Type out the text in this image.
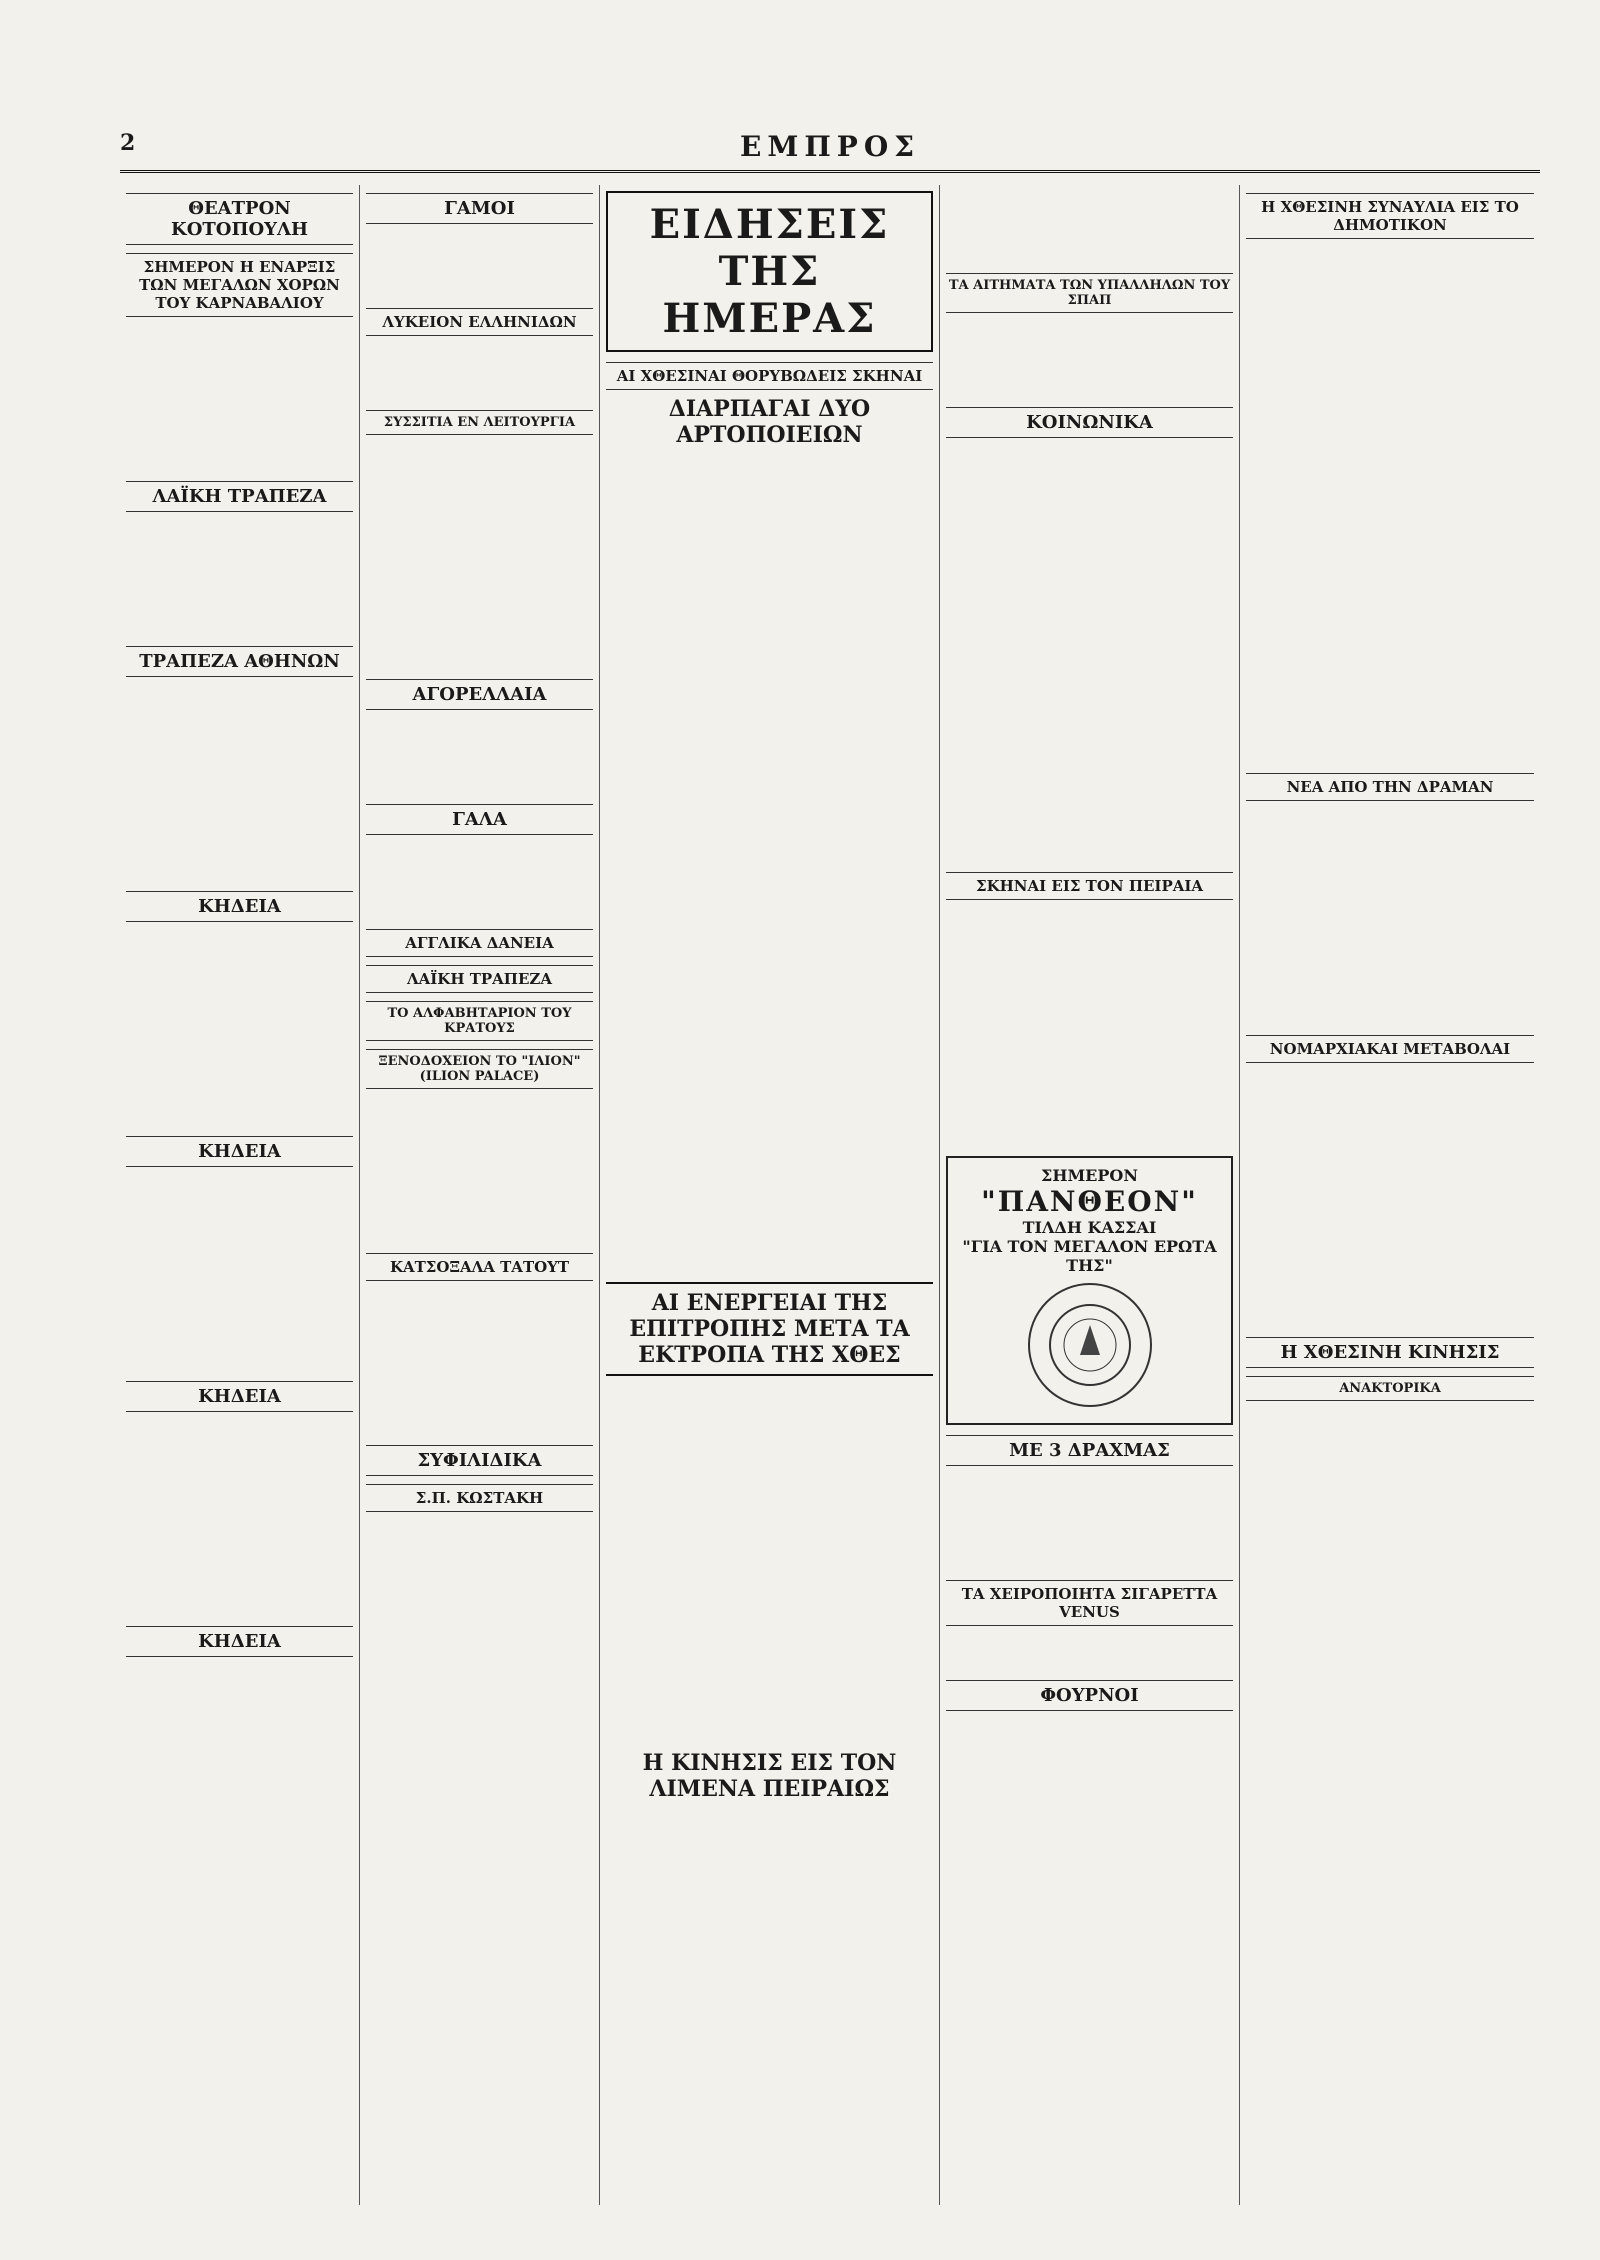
2	ΕΜΠΡΟΣ
ΘΕΑΤΡΟΝ ΚΟΤΟΠΟΥΛΗ
ΣΗΜΕΡΟΝ Η ΕΝΑΡΞΙΣ ΤΩΝ ΜΕΓΑΛΩΝ ΧΟΡΩΝ ΤΟΥ ΚΑΡΝΑΒΑΛΙΟΥ
ΛΑΪΚΗ ΤΡΑΠΕΖΑ
ΤΡΑΠΕΖΑ ΑΘΗΝΩΝ
ΚΗΔΕΙΑ
ΚΗΔΕΙΑ
ΚΗΔΕΙΑ
ΚΗΔΕΙΑ
ΓΑΜΟΙ
ΛΥΚΕΙΟΝ ΕΛΛΗΝΙΔΩΝ
ΣΥΣΣΙΤΙΑ ΕΝ ΛΕΙΤΟΥΡΓΙΑ
ΑΓΟΡΕΛΛΑΙΑ
ΓΑΛΑ
ΑΓΓΛΙΚΑ ΔΑΝΕΙΑ
ΛΑΪΚΗ ΤΡΑΠΕΖΑ
ΤΟ ΑΛΦΑΒΗΤΑΡΙΟΝ ΤΟΥ ΚΡΑΤΟΥΣ
ΞΕΝΟΔΟΧΕΙΟΝ ΤΟ "ΙΛΙΟΝ" (ILION PALACE)
ΚΑΤΣΟΞΑΛΑ ΤΑΤΟΥΤ
ΣΥΦΙΛΙΔΙΚΑ
Σ.Π. ΚΩΣΤΑΚΗ
ΕΙΔΗΣΕΙΣ ΤΗΣ ΗΜΕΡΑΣ
ΑΙ ΧΘΕΣΙΝΑΙ ΘΟΡΥΒΩΔΕΙΣ ΣΚΗΝΑΙ
ΔΙΑΡΠΑΓΑΙ ΔΥΟ ΑΡΤΟΠΟΙΕΙΩΝ
ΑΙ ΕΝΕΡΓΕΙΑΙ ΤΗΣ ΕΠΙΤΡΟΠΗΣ ΜΕΤΑ ΤΑ ΕΚΤΡΟΠΑ ΤΗΣ ΧΘΕΣ
Η ΚΙΝΗΣΙΣ ΕΙΣ ΤΟΝ ΛΙΜΕΝΑ ΠΕΙΡΑΙΩΣ
ΤΑ ΑΙΤΗΜΑΤΑ ΤΩΝ ΥΠΑΛΛΗΛΩΝ ΤΟΥ ΣΠΑΠ
ΚΟΙΝΩΝΙΚΑ
ΣΚΗΝΑΙ ΕΙΣ ΤΟΝ ΠΕΙΡΑΙΑ
ΣΗΜΕΡΟΝ
"ΠΑΝΘΕΟΝ"
ΤΙΛΔΗ ΚΑΣΣΑΙ
"ΓΙΑ ΤΟΝ ΜΕΓΑΛΟΝ ΕΡΩΤΑ ΤΗΣ"
ΜΕ 3 ΔΡΑΧΜΑΣ
ΤΑ ΧΕΙΡΟΠΟΙΗΤΑ ΣΙΓΑΡΕΤΤΑ VENUS
ΦΟΥΡΝΟΙ
Η ΧΘΕΣΙΝΗ ΣΥΝΑΥΛΙΑ ΕΙΣ ΤΟ ΔΗΜΟΤΙΚΟΝ
ΝΕΑ ΑΠΟ ΤΗΝ ΔΡΑΜΑΝ
ΝΟΜΑΡΧΙΑΚΑΙ ΜΕΤΑΒΟΛΑΙ
Η ΧΘΕΣΙΝΗ ΚΙΝΗΣΙΣ
ΑΝΑΚΤΟΡΙΚΑ
